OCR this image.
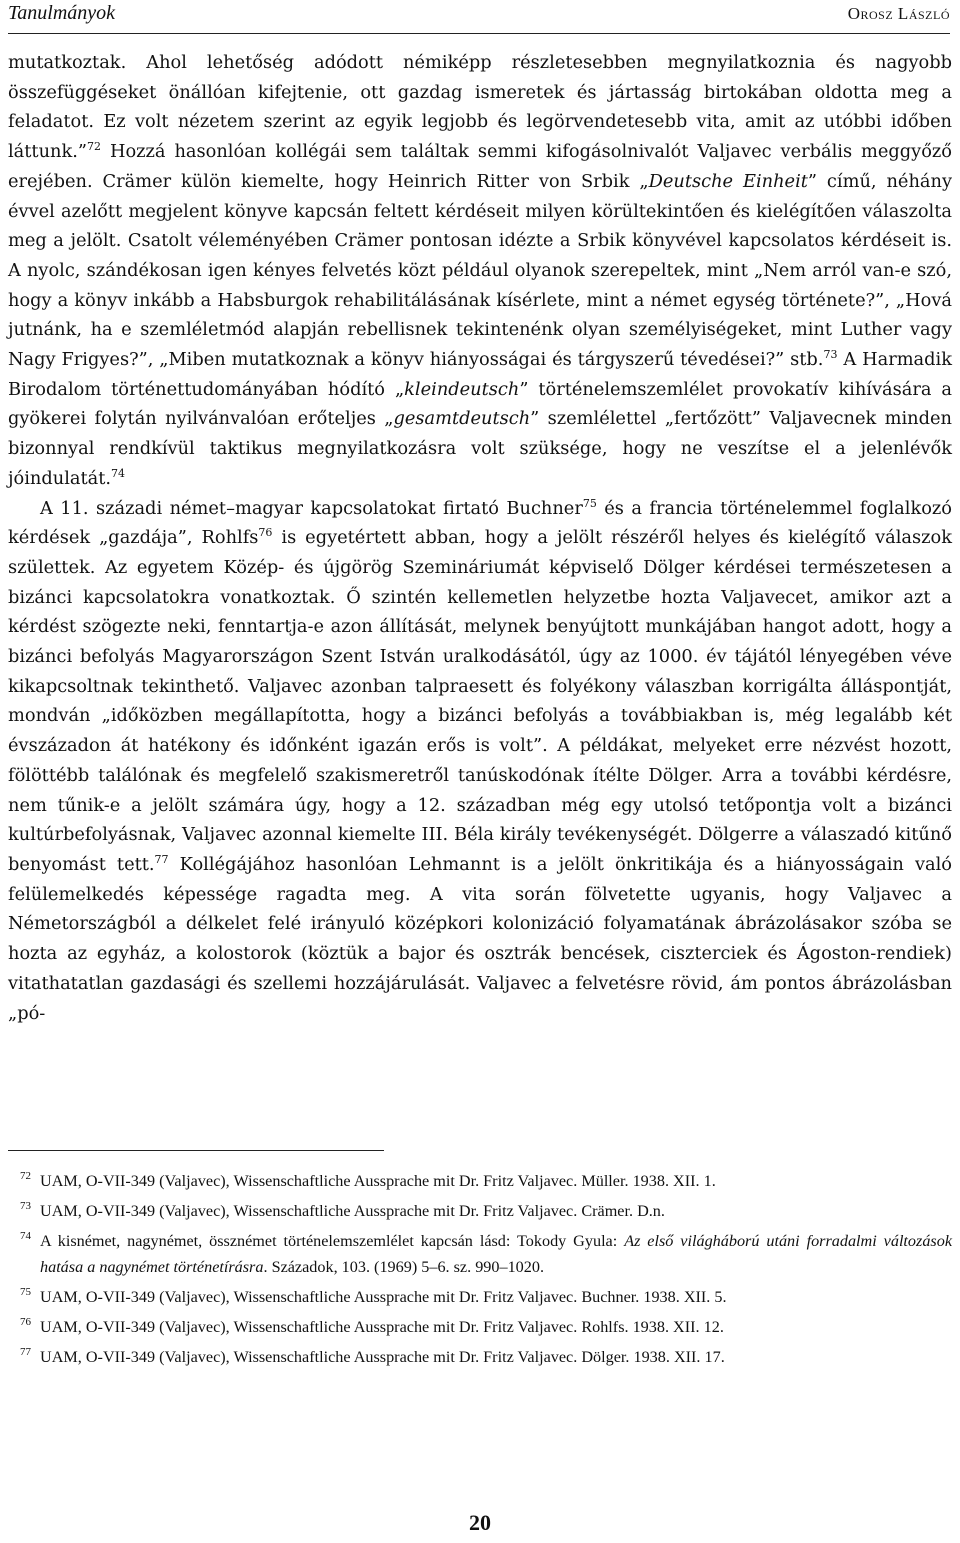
Tanulmányok	Orosz László

mutatkoztak. Ahol lehetőség adódott némiképp részletesebben megnyilatkoznia és nagyobb összefüggéseket önállóan kifejtenie, ott gazdag ismeretek és jártasság birtokában oldotta meg a feladatot. Ez volt nézetem szerint az egyik legjobb és legörvendetesebb vita, amit az utóbbi időben láttunk.”$^{72}$ Hozzá hasonlóan kollégái sem találtak semmi kifogásolnivalót Valjavec verbális meggyőző erejében. Crämer külön kiemelte, hogy Heinrich Ritter von Srbik „Deutsche Einheit” című, néhány évvel azelőtt megjelent könyve kapcsán feltett kérdéseit milyen körültekintően és kielégítően válaszolta meg a jelölt. Csatolt véleményében Crämer pontosan idézte a Srbik könyvével kapcsolatos kérdéseit is. A nyolc, szándékosan igen kényes felvetés közt például olyanok szerepeltek, mint „Nem arról van-e szó, hogy a könyv inkább a Habsburgok rehabilitálásának kísérlete, mint a német egység története?”, „Hová jutnánk, ha e szemléletmód alapján rebellisnek tekintenénk olyan személyiségeket, mint Luther vagy Nagy Frigyes?”, „Miben mutatkoznak a könyv hiányosságai és tárgyszerű tévedései?” stb.$^{73}$ A Harmadik Birodalom történettudományában hódító „kleindeutsch” történelemszemlélet provokatív kihívására a gyökerei folytán nyilvánvalóan erőteljes „gesamtdeutsch” szemlélettel „fertőzött” Valjavecnek minden bizonnyal rendkívül taktikus megnyilatkozásra volt szüksége, hogy ne veszítse el a jelenlévők jóindulatát.$^{74}$

A 11. századi német–magyar kapcsolatokat firtató Buchner$^{75}$ és a francia történelemmel foglalkozó kérdések „gazdája”, Rohlfs$^{76}$ is egyetértett abban, hogy a jelölt részéről helyes és kielégítő válaszok születtek. Az egyetem Közép- és újgörög Szemináriumát képviselő Dölger kérdései természetesen a bizánci kapcsolatokra vonatkoztak. Ő szintén kellemetlen helyzetbe hozta Valjavecet, amikor azt a kérdést szögezte neki, fenntartja-e azon állítását, melynek benyújtott munkájában hangot adott, hogy a bizánci befolyás Magyarországon Szent István uralkodásától, úgy az 1000. év tájától lényegében véve kikapcsoltnak tekinthető. Valjavec azonban talpraesett és folyékony válaszban korrigálta álláspontját, mondván „időközben megállapította, hogy a bizánci befolyás a továbbiakban is, még legalább két évszázadon át hatékony és időnként igazán erős is volt”. A példákat, melyeket erre nézvést hozott, fölöttébb találónak és megfelelő szakismeretről tanúskodónak ítélte Dölger. Arra a további kérdésre, nem tűnik-e a jelölt számára úgy, hogy a 12. században még egy utolsó tetőpontja volt a bizánci kultúrbefolyásnak, Valjavec azonnal kiemelte III. Béla király tevékenységét. Dölgerre a válaszadó kitűnő benyomást tett.$^{77}$ Kollégájához hasonlóan Lehmannt is a jelölt önkritikája és a hiányosságain való felülemelkedés képessége ragadta meg. A vita során fölvetette ugyanis, hogy Valjavec a Németországból a délkelet felé irányuló középkori kolonizáció folyamatának ábrázolásakor szóba se hozta az egyház, a kolostorok (köztük a bajor és osztrák bencések, ciszterciek és Ágoston-rendiek) vitathatatlan gazdasági és szellemi hozzájárulását. Valjavec a felvetésre rövid, ám pontos ábrázolásban „pó-

72 UAM, O-VII-349 (Valjavec), Wissenschaftliche Aussprache mit Dr. Fritz Valjavec. Müller. 1938. XII. 1.
73 UAM, O-VII-349 (Valjavec), Wissenschaftliche Aussprache mit Dr. Fritz Valjavec. Crämer. D.n.
74 A kisnémet, nagynémet, össznémet történelemszemlélet kapcsán lásd: Tokody Gyula: Az első világháború utáni forradalmi változások hatása a nagynémet történetírásra. Századok, 103. (1969) 5–6. sz. 990–1020.
75 UAM, O-VII-349 (Valjavec), Wissenschaftliche Aussprache mit Dr. Fritz Valjavec. Buchner. 1938. XII. 5.
76 UAM, O-VII-349 (Valjavec), Wissenschaftliche Aussprache mit Dr. Fritz Valjavec. Rohlfs. 1938. XII. 12.
77 UAM, O-VII-349 (Valjavec), Wissenschaftliche Aussprache mit Dr. Fritz Valjavec. Dölger. 1938. XII. 17.
20
